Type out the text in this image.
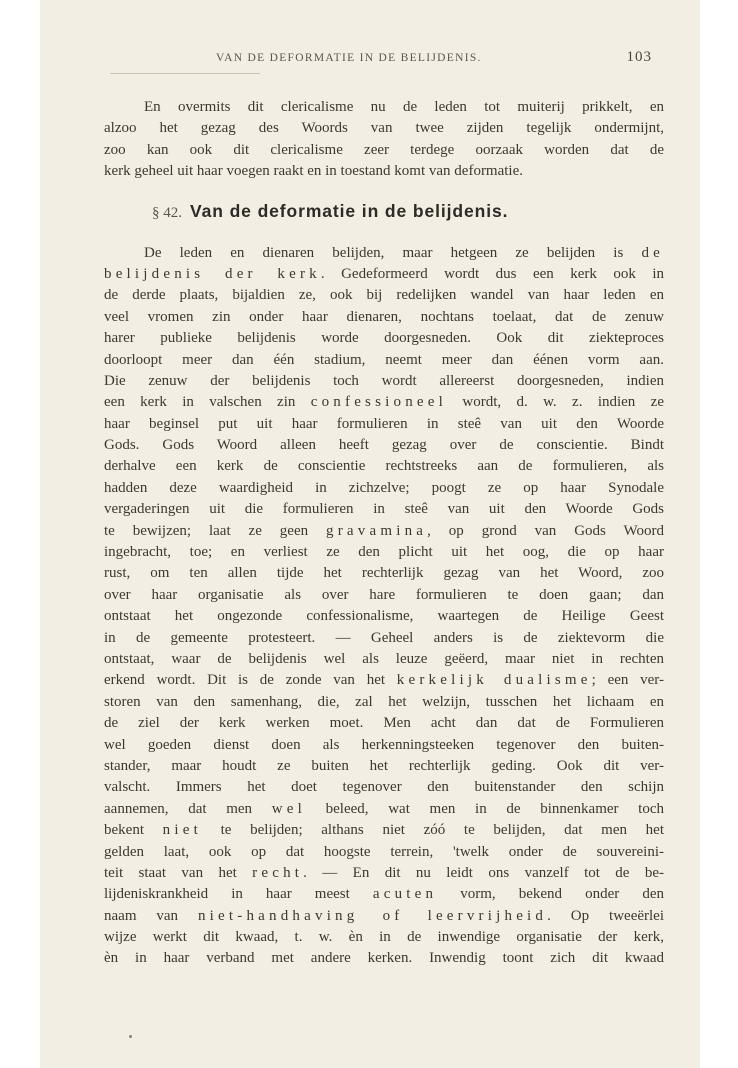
VAN DE DEFORMATIE IN DE BELIJDENIS.	103
En overmits dit clericalisme nu de leden tot muiterij prikkelt, en
alzoo het gezag des Woords van twee zijden tegelijk ondermijnt,
zoo kan ook dit clericalisme zeer terdege oorzaak worden dat de
kerk geheel uit haar voegen raakt en in toestand komt van deformatie.
§ 42. Van de deformatie in de belijdenis.
De leden en dienaren belijden, maar hetgeen ze belijden is de
belijdenis der kerk. Gedeformeerd wordt dus een kerk ook in
de derde plaats, bijaldien ze, ook bij redelijken wandel van haar leden en
veel vromen zin onder haar dienaren, nochtans toelaat, dat de zenuw
harer publieke belijdenis worde doorgesneden. Ook dit ziekteproces
doorloopt meer dan één stadium, neemt meer dan éénen vorm aan.
Die zenuw der belijdenis toch wordt allereerst doorgesneden, indien
een kerk in valschen zin confessioneel wordt, d. w. z. indien ze
haar beginsel put uit haar formulieren in steê van uit den Woorde
Gods. Gods Woord alleen heeft gezag over de conscientie. Bindt
derhalve een kerk de conscientie rechtstreeks aan de formulieren, als
hadden deze waardigheid in zichzelve; poogt ze op haar Synodale
vergaderingen uit die formulieren in steê van uit den Woorde Gods
te bewijzen; laat ze geen gravamina, op grond van Gods Woord
ingebracht, toe; en verliest ze den plicht uit het oog, die op haar
rust, om ten allen tijde het rechterlijk gezag van het Woord, zoo
over haar organisatie als over hare formulieren te doen gaan; dan
ontstaat het ongezonde confessionalisme, waartegen de Heilige Geest
in de gemeente protesteert. — Geheel anders is de ziektevorm die
ontstaat, waar de belijdenis wel als leuze geëerd, maar niet in rechten
erkend wordt. Dit is de zonde van het kerkelijk dualisme; een ver-
storen van den samenhang, die, zal het welzijn, tusschen het lichaam en
de ziel der kerk werken moet. Men acht dan dat de Formulieren
wel goeden dienst doen als herkenningsteeken tegenover den buiten-
stander, maar houdt ze buiten het rechterlijk geding. Ook dit ver-
valscht. Immers het doet tegenover den buitenstander den schijn
aannemen, dat men wel beleed, wat men in de binnenkamer toch
bekent niet te belijden; althans niet zóó te belijden, dat men het
gelden laat, ook op dat hoogste terrein, 'twelk onder de souvereini-
teit staat van het recht. — En dit nu leidt ons vanzelf tot de be-
lijdeniskrankheid in haar meest acuten vorm, bekend onder den
naam van niet-handhaving of leervrijheid. Op tweeërlei
wijze werkt dit kwaad, t. w. èn in de inwendige organisatie der kerk,
èn in haar verband met andere kerken. Inwendig toont zich dit kwaad
